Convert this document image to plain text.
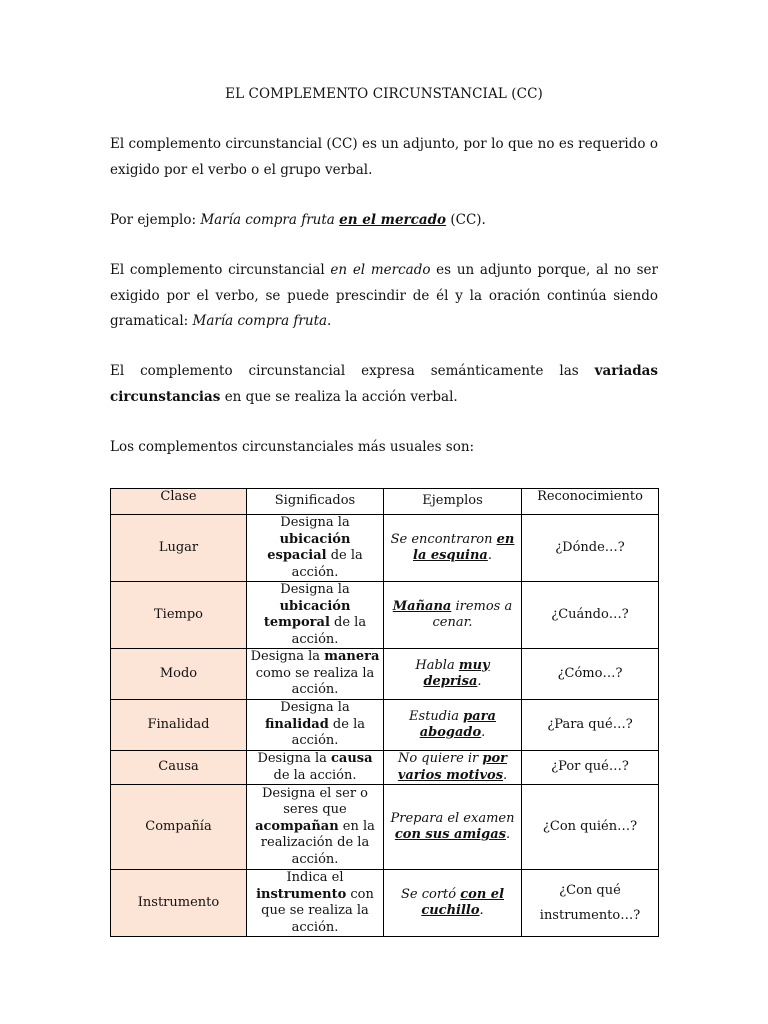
EL COMPLEMENTO CIRCUNSTANCIAL (CC)
El complemento circunstancial (CC) es un adjunto, por lo que no es requerido o exigido por el verbo o el grupo verbal.
Por ejemplo: María compra fruta en el mercado (CC).
El complemento circunstancial en el mercado es un adjunto porque, al no ser exigido por el verbo, se puede prescindir de él y la oración continúa siendo gramatical: María compra fruta.
El complemento circunstancial expresa semánticamente las variadas circunstancias en que se realiza la acción verbal.
Los complementos circunstanciales más usuales son:
Clase	Significados	Ejemplos	Reconocimiento
Lugar	Designa la ubicación espacial de la acción.	Se encontraron en la esquina.	¿Dónde…?
Tiempo	Designa la ubicación temporal de la acción.	Mañana iremos a cenar.	¿Cuándo…?
Modo	Designa la manera como se realiza la acción.	Habla muy deprisa.	¿Cómo…?
Finalidad	Designa la finalidad de la acción.	Estudia para abogado.	¿Para qué…?
Causa	Designa la causa de la acción.	No quiere ir por varios motivos.	¿Por qué…?
Compañía	Designa el ser o seres que acompañan en la realización de la acción.	Prepara el examen con sus amigas.	¿Con quién…?
Instrumento	Indica el instrumento con que se realiza la acción.	Se cortó con el cuchillo.	¿Con qué instrumento…?
